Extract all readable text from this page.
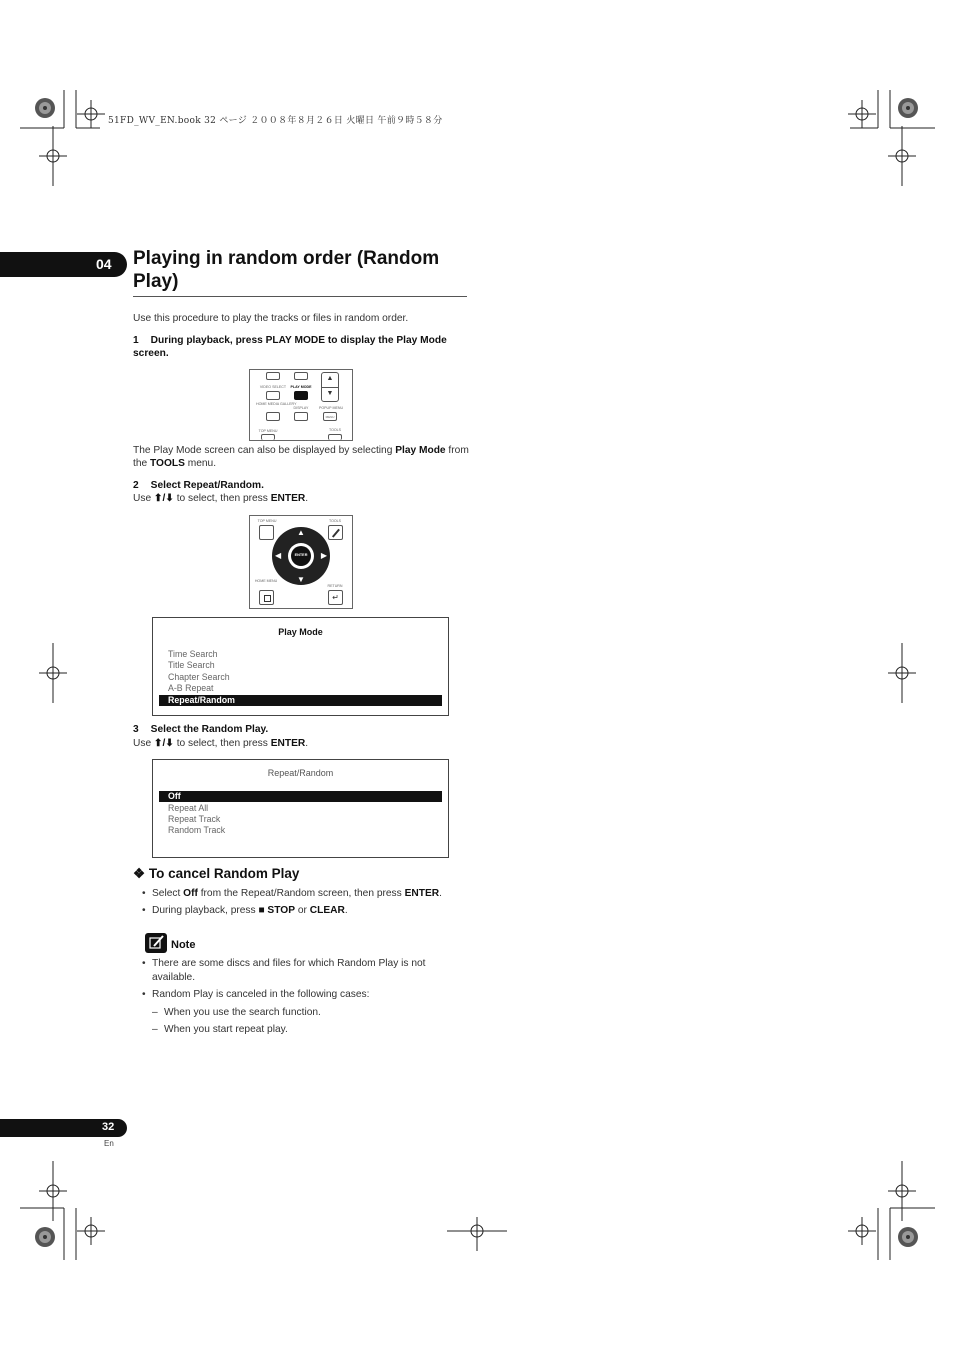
51FD_WV_EN.book 32 ページ ２００８年８月２６日 火曜日 午前９時５８分
04 Playing in random order (Random Play)
Use this procedure to play the tracks or files in random order.
1 During playback, press PLAY MODE to display the Play Mode screen.
VIDEO SELECT	PLAY MODE
▲
▼
HOME MEDIA GALLERY
DISPLAY	POPUP MENU
MENU
TOP MENU	TOOLS
The Play Mode screen can also be displayed by selecting Play Mode from the TOOLS menu.
2 Select Repeat/Random.
Use ⬆/⬇ to select, then press ENTER.
TOP MENU	TOOLS
HOME MENU
RETURN
↵
▲
▼
◀	▶
ENTER
Play Mode
Time Search
Title Search
Chapter Search
A-B Repeat
Repeat/Random
3 Select the Random Play.
Use ⬆/⬇ to select, then press ENTER.
Repeat/Random
Off
Repeat All
Repeat Track
Random Track
❖ To cancel Random Play
• Select Off from the Repeat/Random screen, then press ENTER.
• During playback, press ■ STOP or CLEAR.
Note
• There are some discs and files for which Random Play is not available.
• Random Play is canceled in the following cases:
– When you use the search function.
– When you start repeat play.
32
En
